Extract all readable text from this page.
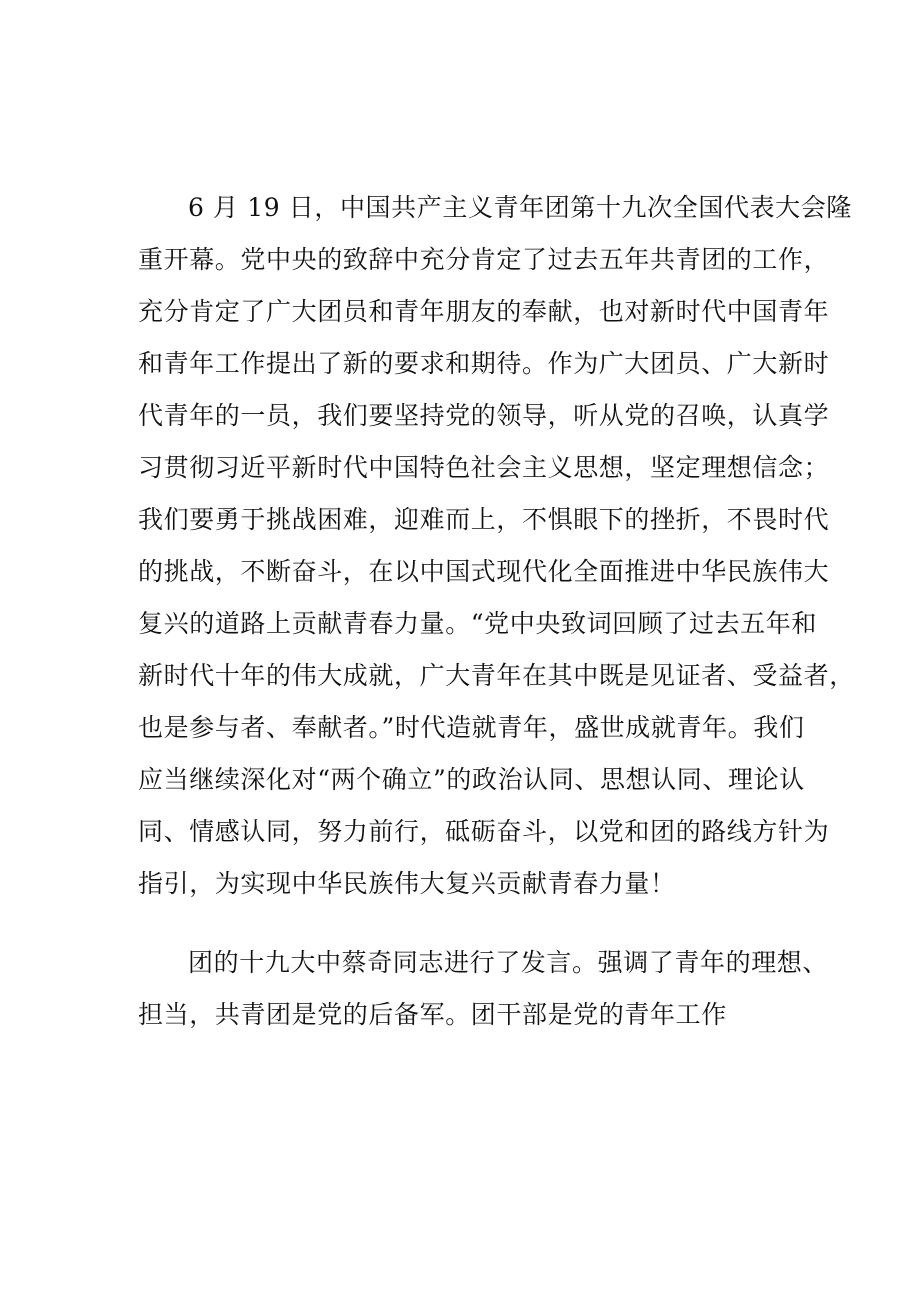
6 月 19 日，中国共产主义青年团第十九次全国代表大会隆
重开幕。党中央的致辞中充分肯定了过去五年共青团的工作，
充分肯定了广大团员和青年朋友的奉献，也对新时代中国青年
和青年工作提出了新的要求和期待。作为广大团员、广大新时
代青年的一员，我们要坚持党的领导，听从党的召唤，认真学
习贯彻习近平新时代中国特色社会主义思想，坚定理想信念；
我们要勇于挑战困难，迎难而上，不惧眼下的挫折，不畏时代
的挑战，不断奋斗，在以中国式现代化全面推进中华民族伟大
复兴的道路上贡献青春力量。“党中央致词回顾了过去五年和
新时代十年的伟大成就，广大青年在其中既是见证者、受益者，
也是参与者、奉献者。”时代造就青年，盛世成就青年。我们
应当继续深化对“两个确立”的政治认同、思想认同、理论认
同、情感认同，努力前行，砥砺奋斗，以党和团的路线方针为
指引，为实现中华民族伟大复兴贡献青春力量！
团的十九大中蔡奇同志进行了发言。强调了青年的理想、
担当，共青团是党的后备军。团干部是党的青年工作
